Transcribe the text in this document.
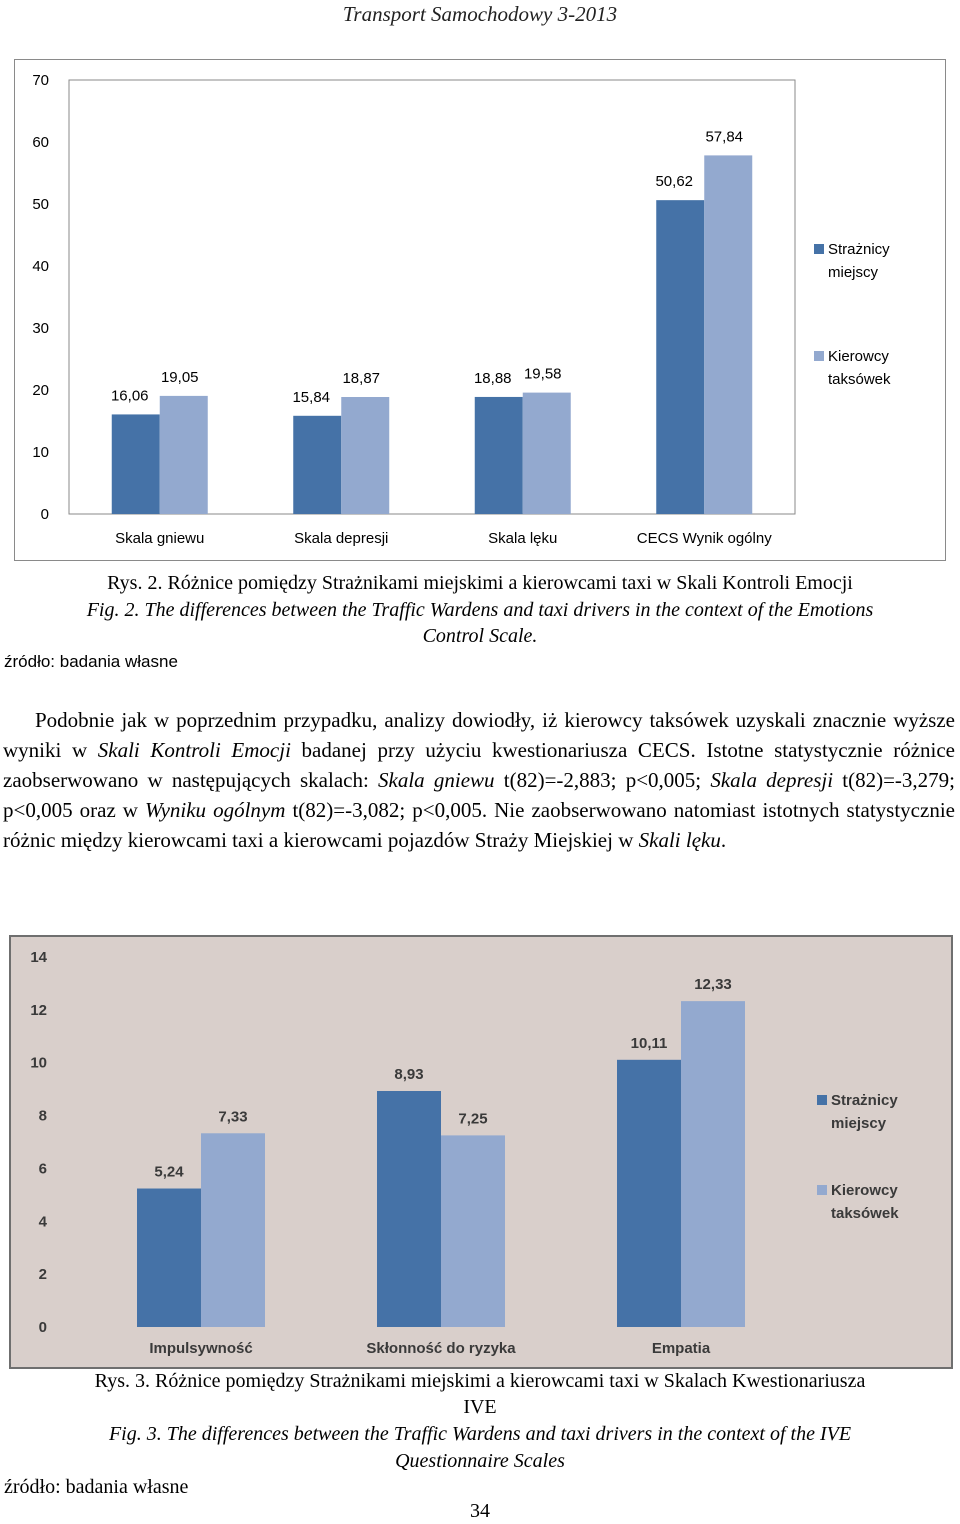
Transport Samochodowy 3-2013
0
10
20
30
40
50
60
70
16,06
19,05
Skala gniewu
15,84
18,87
Skala depresji
18,88 19,58
Skala lęku
50,62
57,84
CECS Wynik ogólny
Strażnicy
miejscy
Kierowcy
taksówek
Rys. 2. Różnice pomiędzy Strażnikami miejskimi a kierowcami taxi w Skali Kontroli Emocji
Fig. 2. The differences between the Traffic Wardens and taxi drivers in the context of the Emotions
Control Scale.
źródło: badania własne

Podobnie jak w poprzednim przypadku, analizy dowiodły, iż kierowcy taksówek uzyskali znacznie wyższe wyniki w Skali Kontroli Emocji badanej przy użyciu kwestionariusza CECS. Istotne statystycznie różnice zaobserwowano w następujących skalach: Skala gniewu t(82)=-2,883; p<0,005; Skala depresji t(82)=-3,279; p<0,005 oraz w Wyniku ogólnym t(82)=-3,082; p<0,005. Nie zaobserwowano natomiast istotnych statystycznie różnic między kierowcami taxi a kierowcami pojazdów Straży Miejskiej w Skali lęku.

0
2
4
6
8
10
12
14
5,24
7,33
Impulsywność
8,93
7,25
Skłonność do ryzyka
10,11
12,33
Empatia
Strażnicy
miejscy
Kierowcy
taksówek
Rys. 3. Różnice pomiędzy Strażnikami miejskimi a kierowcami taxi w Skalach Kwestionariusza
IVE
Fig. 3. The differences between the Traffic Wardens and taxi drivers in the context of the IVE
Questionnaire Scales
źródło: badania własne
34
